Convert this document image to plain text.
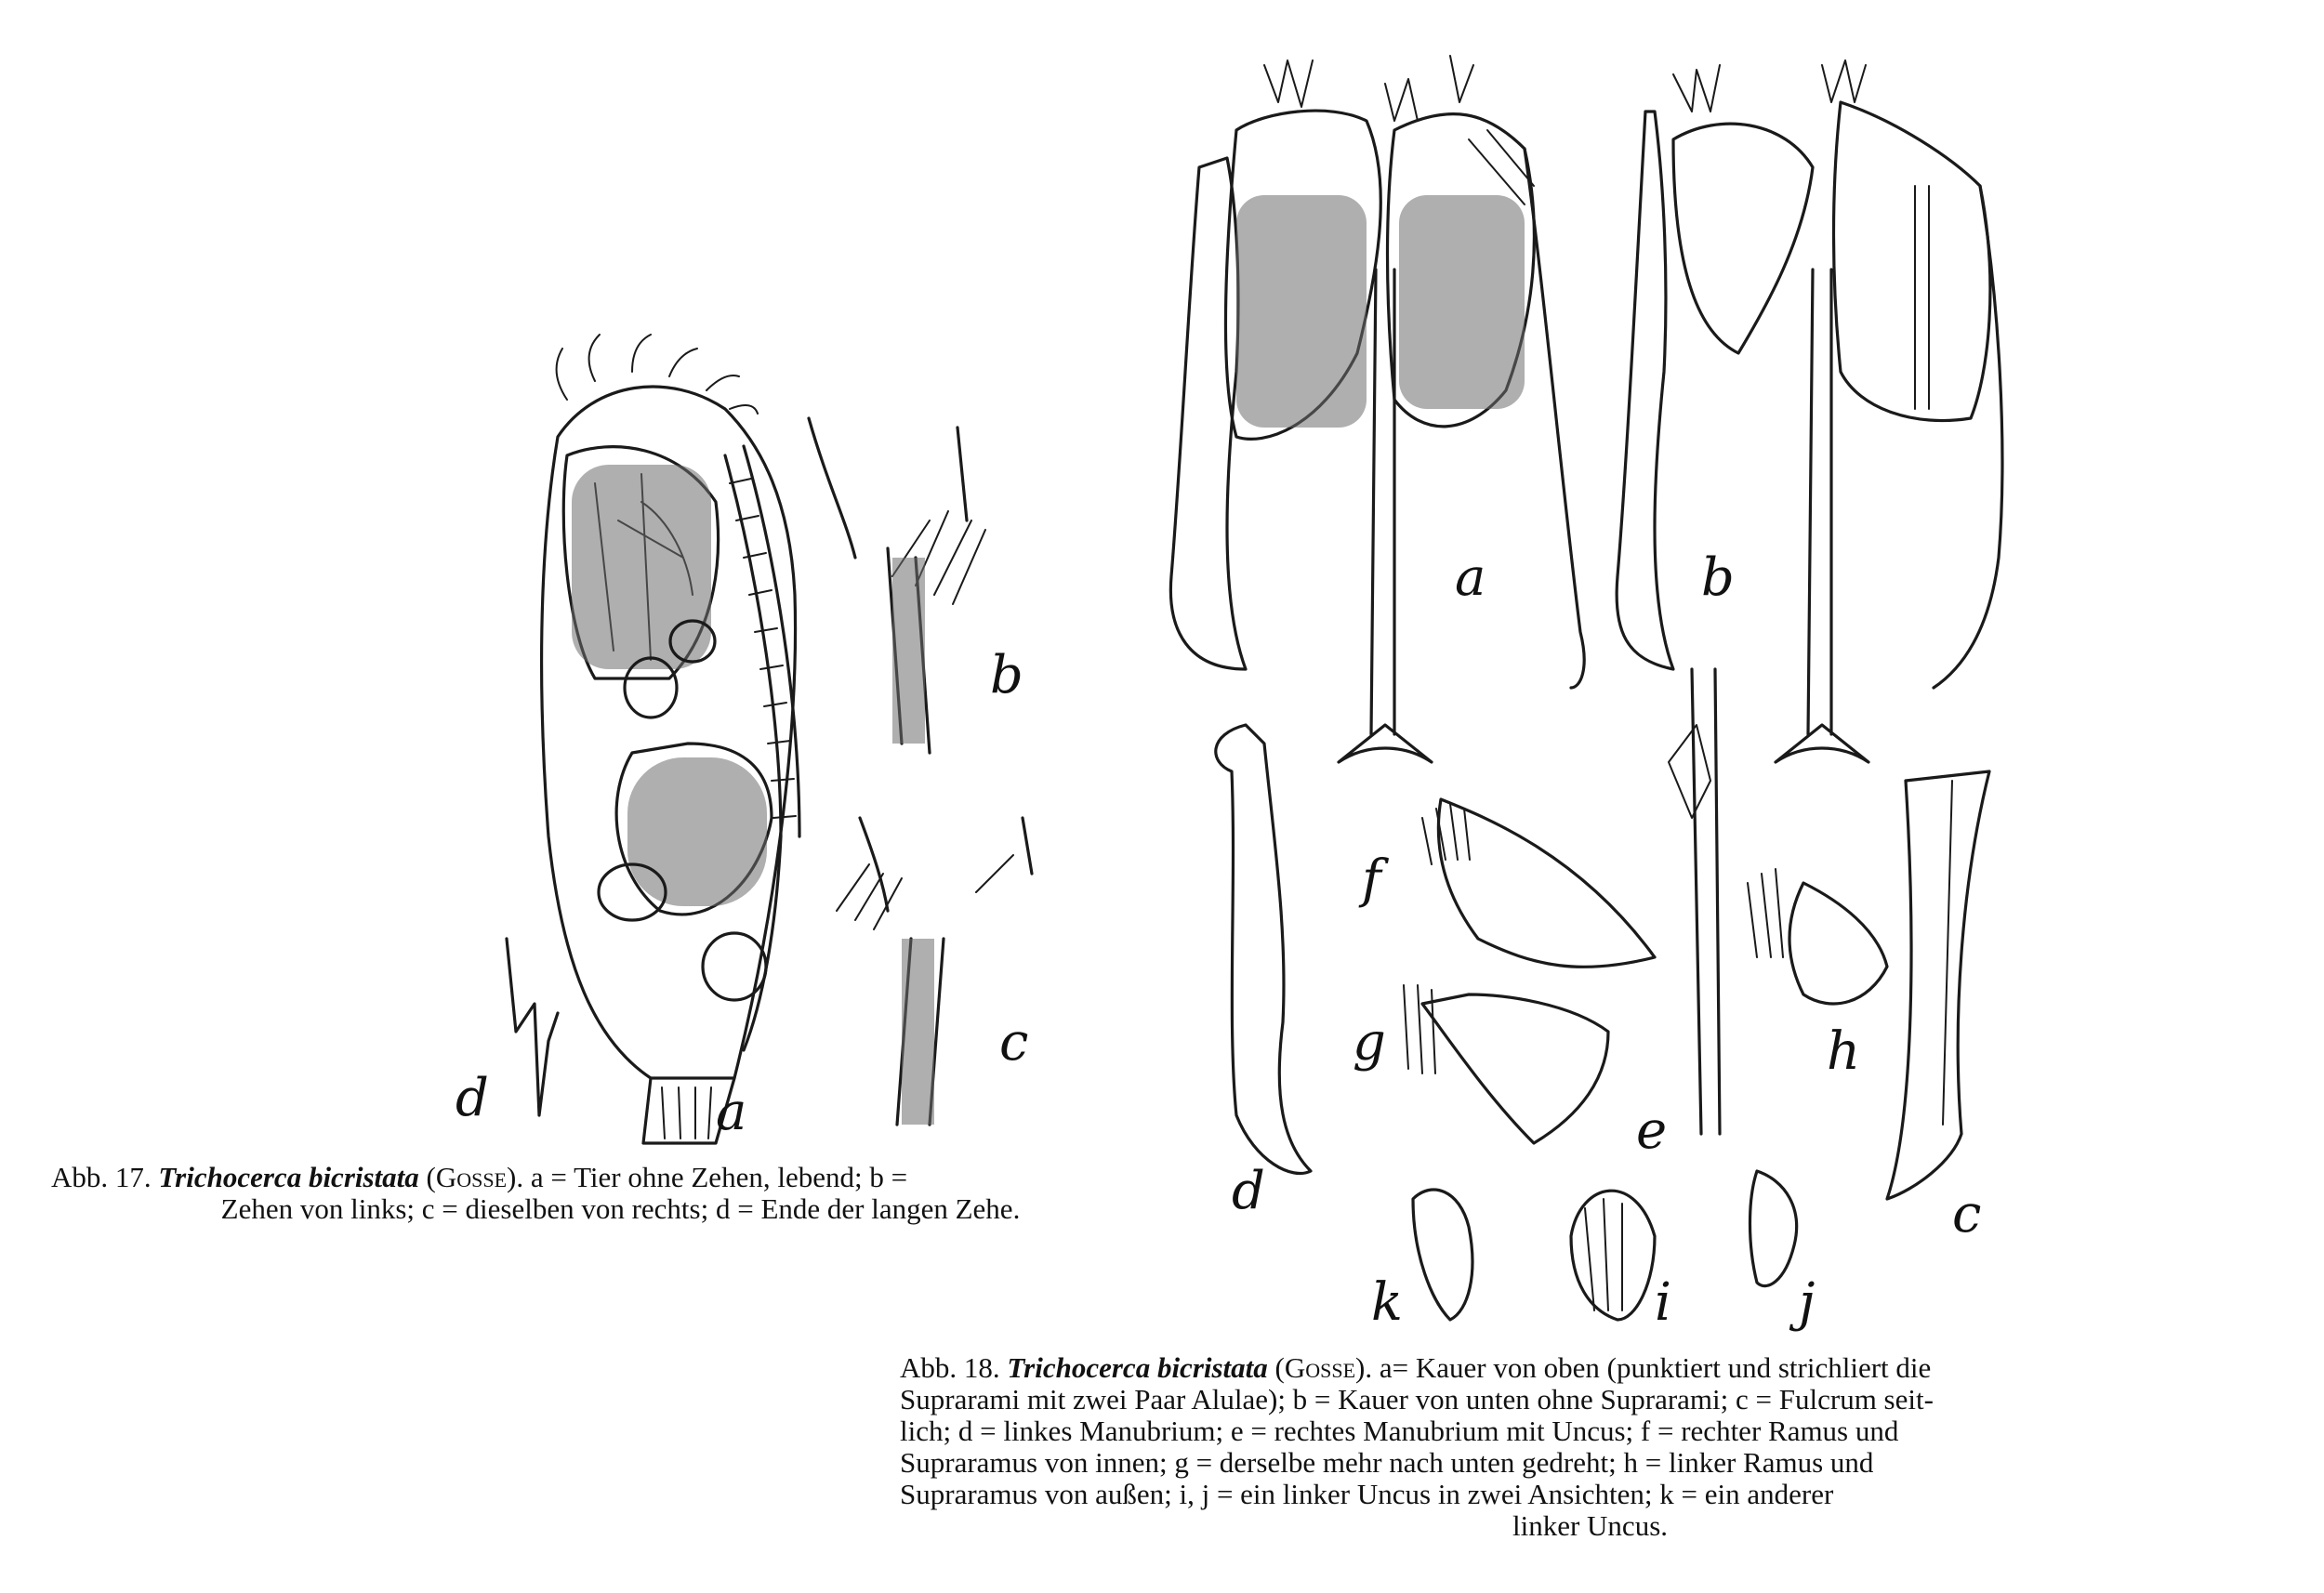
a
b
c
d
a	b
c
d
e
f
g	h
i j
k
Abb. 17. Trichocerca bicristata (Gosse). a = Tier ohne Zehen, lebend; b =
Zehen von links; c = dieselben von rechts; d = Ende der langen Zehe.
Abb. 18. Trichocerca bicristata (Gosse). a= Kauer von oben (punktiert und strichliert die
Suprarami mit zwei Paar Alulae); b = Kauer von unten ohne Suprarami; c = Fulcrum seit-
lich; d = linkes Manubrium; e = rechtes Manubrium mit Uncus; f = rechter Ramus und
Supraramus von innen; g = derselbe mehr nach unten gedreht; h = linker Ramus und
Supraramus von außen; i, j = ein linker Uncus in zwei Ansichten; k = ein anderer
linker Uncus.
